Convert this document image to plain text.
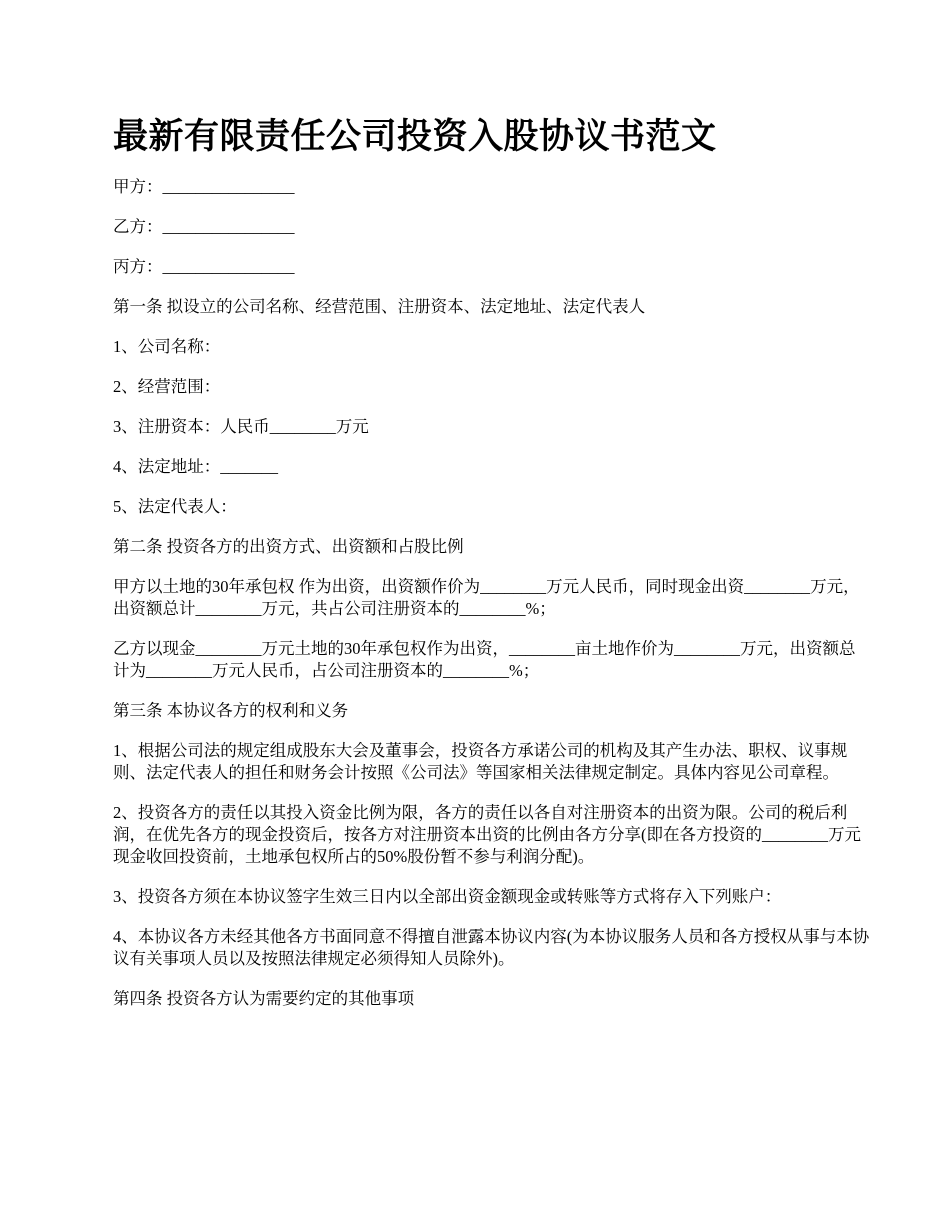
最新有限责任公司投资入股协议书范文

甲方：________________

乙方：________________

丙方：________________

第一条 拟设立的公司名称、经营范围、注册资本、法定地址、法定代表人

1、公司名称：

2、经营范围：

3、注册资本：人民币________万元

4、法定地址：_______

5、法定代表人：

第二条 投资各方的出资方式、出资额和占股比例

甲方以土地的30年承包权 作为出资，出资额作价为________万元人民币，同时现金出资________万元，出资额总计________万元，共占公司注册资本的________%；

乙方以现金________万元土地的30年承包权作为出资，________亩土地作价为________万元，出资额总计为________万元人民币，占公司注册资本的________%；

第三条 本协议各方的权利和义务

1、根据公司法的规定组成股东大会及董事会，投资各方承诺公司的机构及其产生办法、职权、议事规则、法定代表人的担任和财务会计按照《公司法》等国家相关法律规定制定。具体内容见公司章程。

2、投资各方的责任以其投入资金比例为限，各方的责任以各自对注册资本的出资为限。公司的税后利润，在优先各方的现金投资后，按各方对注册资本出资的比例由各方分享(即在各方投资的________万元现金收回投资前，土地承包权所占的50%股份暂不参与利润分配)。

3、投资各方须在本协议签字生效三日内以全部出资金额现金或转账等方式将存入下列账户：

4、本协议各方未经其他各方书面同意不得擅自泄露本协议内容(为本协议服务人员和各方授权从事与本协议有关事项人员以及按照法律规定必须得知人员除外)。

第四条 投资各方认为需要约定的其他事项
